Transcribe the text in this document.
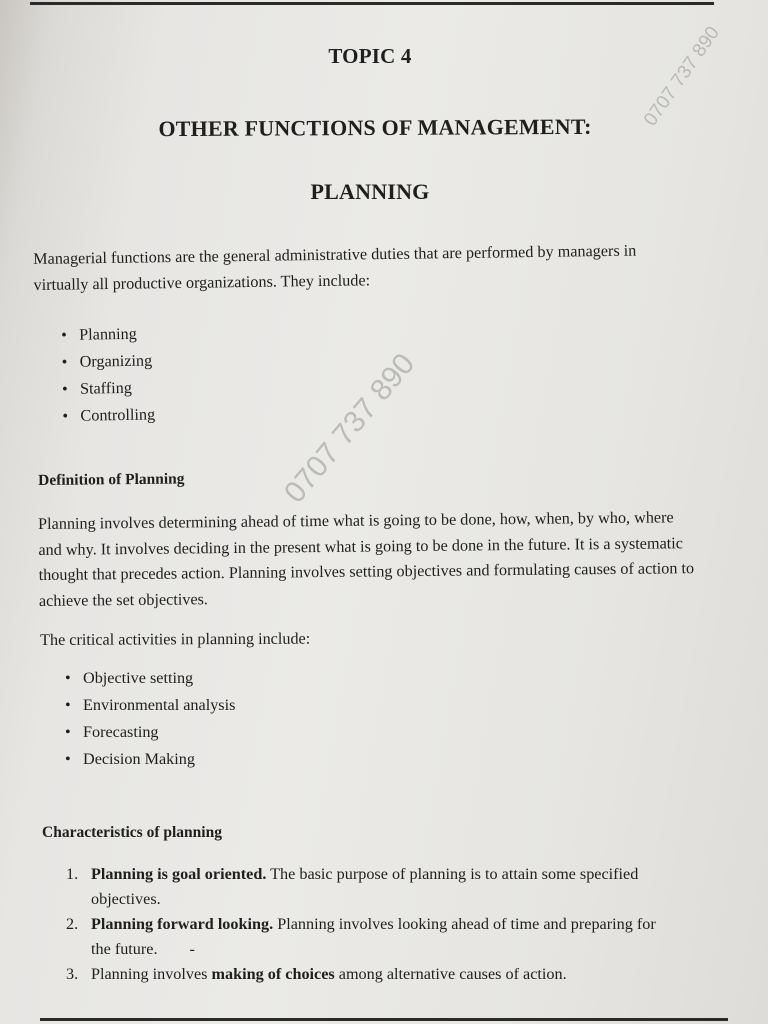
TOPIC 4
OTHER FUNCTIONS OF MANAGEMENT:
PLANNING
Managerial functions are the general administrative duties that are performed by managers in virtually all productive organizations. They include:
• Planning
• Organizing
• Staffing
• Controlling
Definition of Planning
Planning involves determining ahead of time what is going to be done, how, when, by who, where and why. It involves deciding in the present what is going to be done in the future. It is a systematic thought that precedes action. Planning involves setting objectives and formulating causes of action to achieve the set objectives.
The critical activities in planning include:
• Objective setting
• Environmental analysis
• Forecasting
• Decision Making
Characteristics of planning
1. Planning is goal oriented. The basic purpose of planning is to attain some specified objectives.
2. Planning forward looking. Planning involves looking ahead of time and preparing for the future. -
3. Planning involves making of choices among alternative causes of action.
0707 737 890
0707 737 890
